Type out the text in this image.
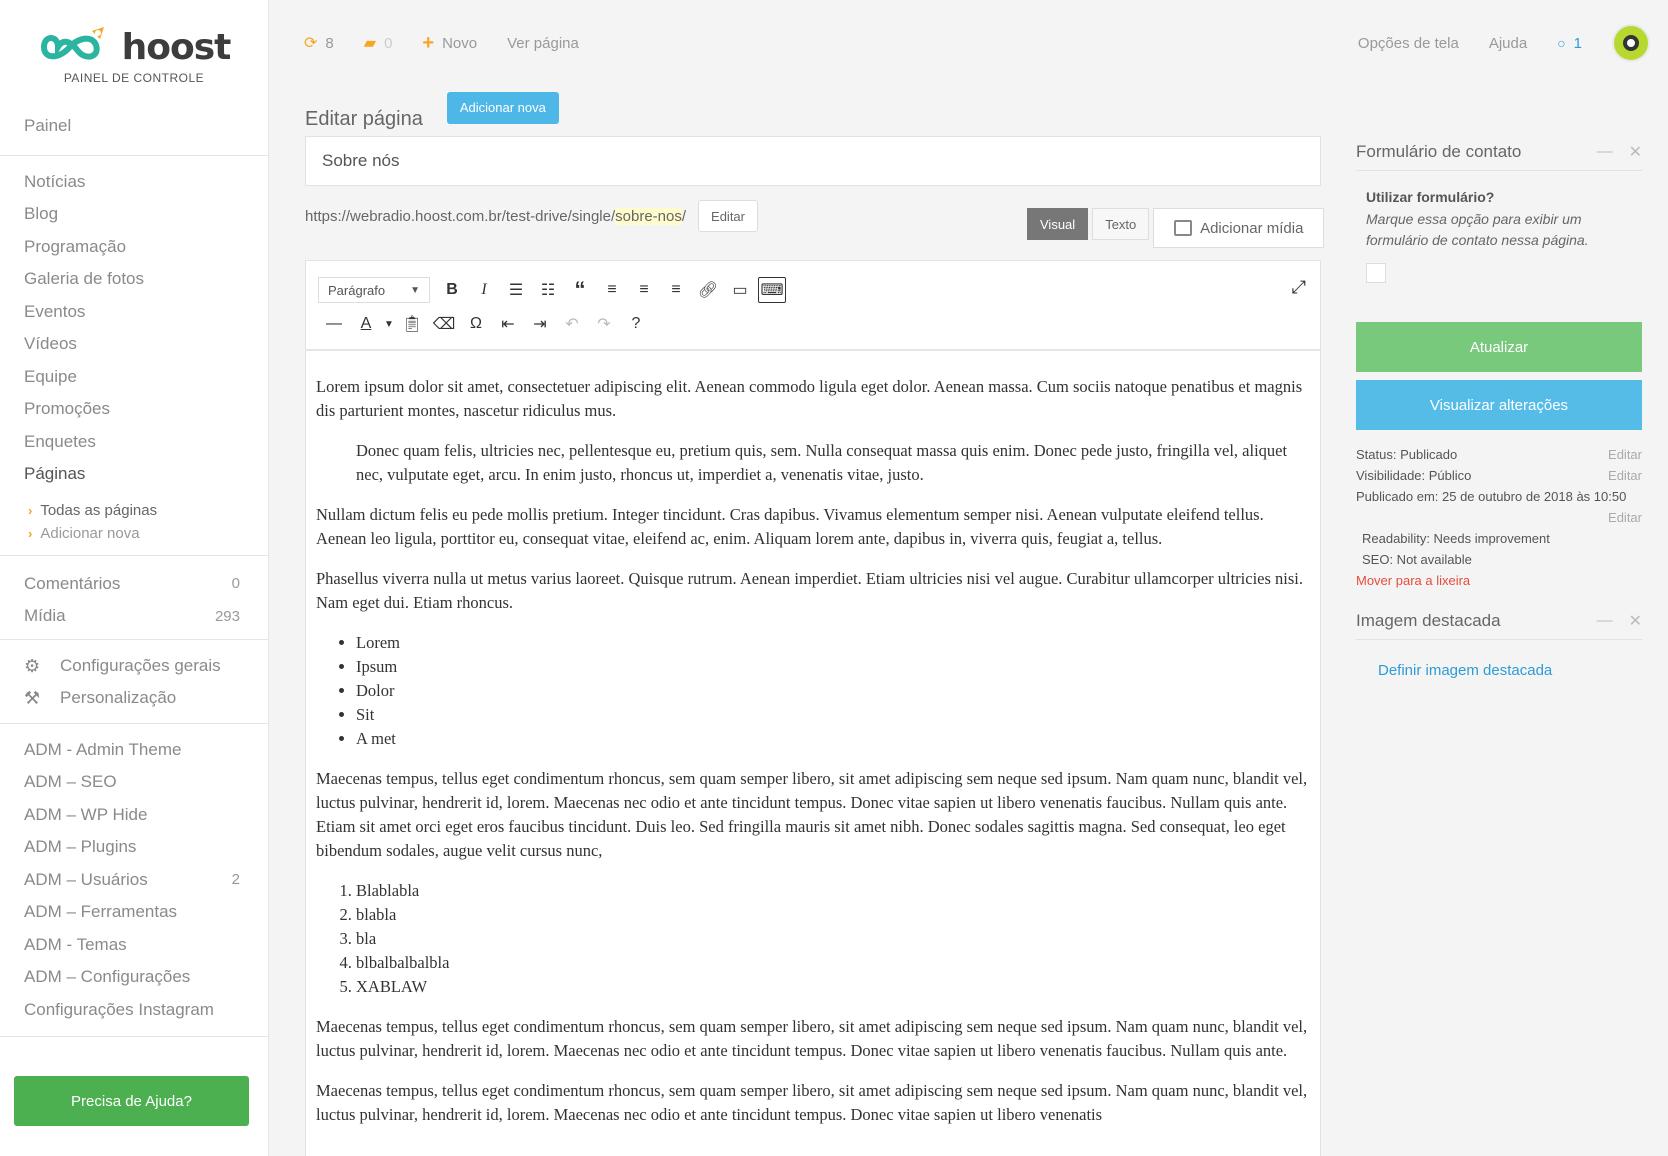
hoost
PAINEL DE CONTROLE
Painel
Notícias
Blog
Programação
Galeria de fotos
Eventos
Vídeos
Equipe
Promoções
Enquetes
Páginas
› Todas as páginas
› Adicionar nova
Comentários	0
Mídia	293
⚙ Configurações gerais
⚒ Personalização
ADM - Admin Theme
ADM – SEO
ADM – WP Hide
ADM – Plugins
ADM – Usuários	2
ADM – Ferramentas
ADM - Temas
ADM – Configurações
Configurações Instagram
Precisa de Ajuda?
⟳ 8 ▰ 0 + Novo Ver página	Opções de tela Ajuda ○ 1
Editar página
Adicionar nova
Sobre nós
https://webradio.hoost.com.br/test-drive/single/ sobre-nos /	Editar
Visual	Texto	Adicionar mídia
Parágrafo	▼	B	I	☰	☷ “	≡	≡	≡	🔗︎ ▭ ⌨
—	A	▼ 📋︎ ⌫ Ω	⇤	⇥	↶	↷	?
⤢

Lorem ipsum dolor sit amet, consectetuer adipiscing elit. Aenean commodo ligula eget dolor. Aenean massa. Cum sociis natoque penatibus et magnis dis parturient montes, nascetur ridiculus mus.

Donec quam felis, ultricies nec, pellentesque eu, pretium quis, sem. Nulla consequat massa quis enim. Donec pede justo, fringilla vel, aliquet nec, vulputate eget, arcu. In enim justo, rhoncus ut, imperdiet a, venenatis vitae, justo.

Nullam dictum felis eu pede mollis pretium. Integer tincidunt. Cras dapibus. Vivamus elementum semper nisi. Aenean vulputate eleifend tellus. Aenean leo ligula, porttitor eu, consequat vitae, eleifend ac, enim. Aliquam lorem ante, dapibus in, viverra quis, feugiat a, tellus.

Phasellus viverra nulla ut metus varius laoreet. Quisque rutrum. Aenean imperdiet. Etiam ultricies nisi vel augue. Curabitur ullamcorper ultricies nisi. Nam eget dui. Etiam rhoncus.

• Lorem
• Ipsum
• Dolor
• Sit
• A met

Maecenas tempus, tellus eget condimentum rhoncus, sem quam semper libero, sit amet adipiscing sem neque sed ipsum. Nam quam nunc, blandit vel, luctus pulvinar, hendrerit id, lorem. Maecenas nec odio et ante tincidunt tempus. Donec vitae sapien ut libero venenatis faucibus. Nullam quis ante. Etiam sit amet orci eget eros faucibus tincidunt. Duis leo. Sed fringilla mauris sit amet nibh. Donec sodales sagittis magna. Sed consequat, leo eget bibendum sodales, augue velit cursus nunc,

1. Blablabla
2. blabla
3. bla
4. blbalbalbalbla
5. XABLAW

Maecenas tempus, tellus eget condimentum rhoncus, sem quam semper libero, sit amet adipiscing sem neque sed ipsum. Nam quam nunc, blandit vel, luctus pulvinar, hendrerit id, lorem. Maecenas nec odio et ante tincidunt tempus. Donec vitae sapien ut libero venenatis faucibus. Nullam quis ante.

Maecenas tempus, tellus eget condimentum rhoncus, sem quam semper libero, sit amet adipiscing sem neque sed ipsum. Nam quam nunc, blandit vel, luctus pulvinar, hendrerit id, lorem. Maecenas nec odio et ante tincidunt tempus. Donec vitae sapien ut libero venenatis

Formulário de contato	— ✕
Utilizar formulário?
Marque essa opção para exibir um formulário de contato nessa página.
Atualizar
Visualizar alterações
Status: Publicado	Editar
Visibilidade: Público	Editar
Publicado em: 25 de outubro de 2018 às 10:50
Editar
Readability: Needs improvement
SEO: Not available
Mover para a lixeira
Imagem destacada	— ✕
Definir imagem destacada
